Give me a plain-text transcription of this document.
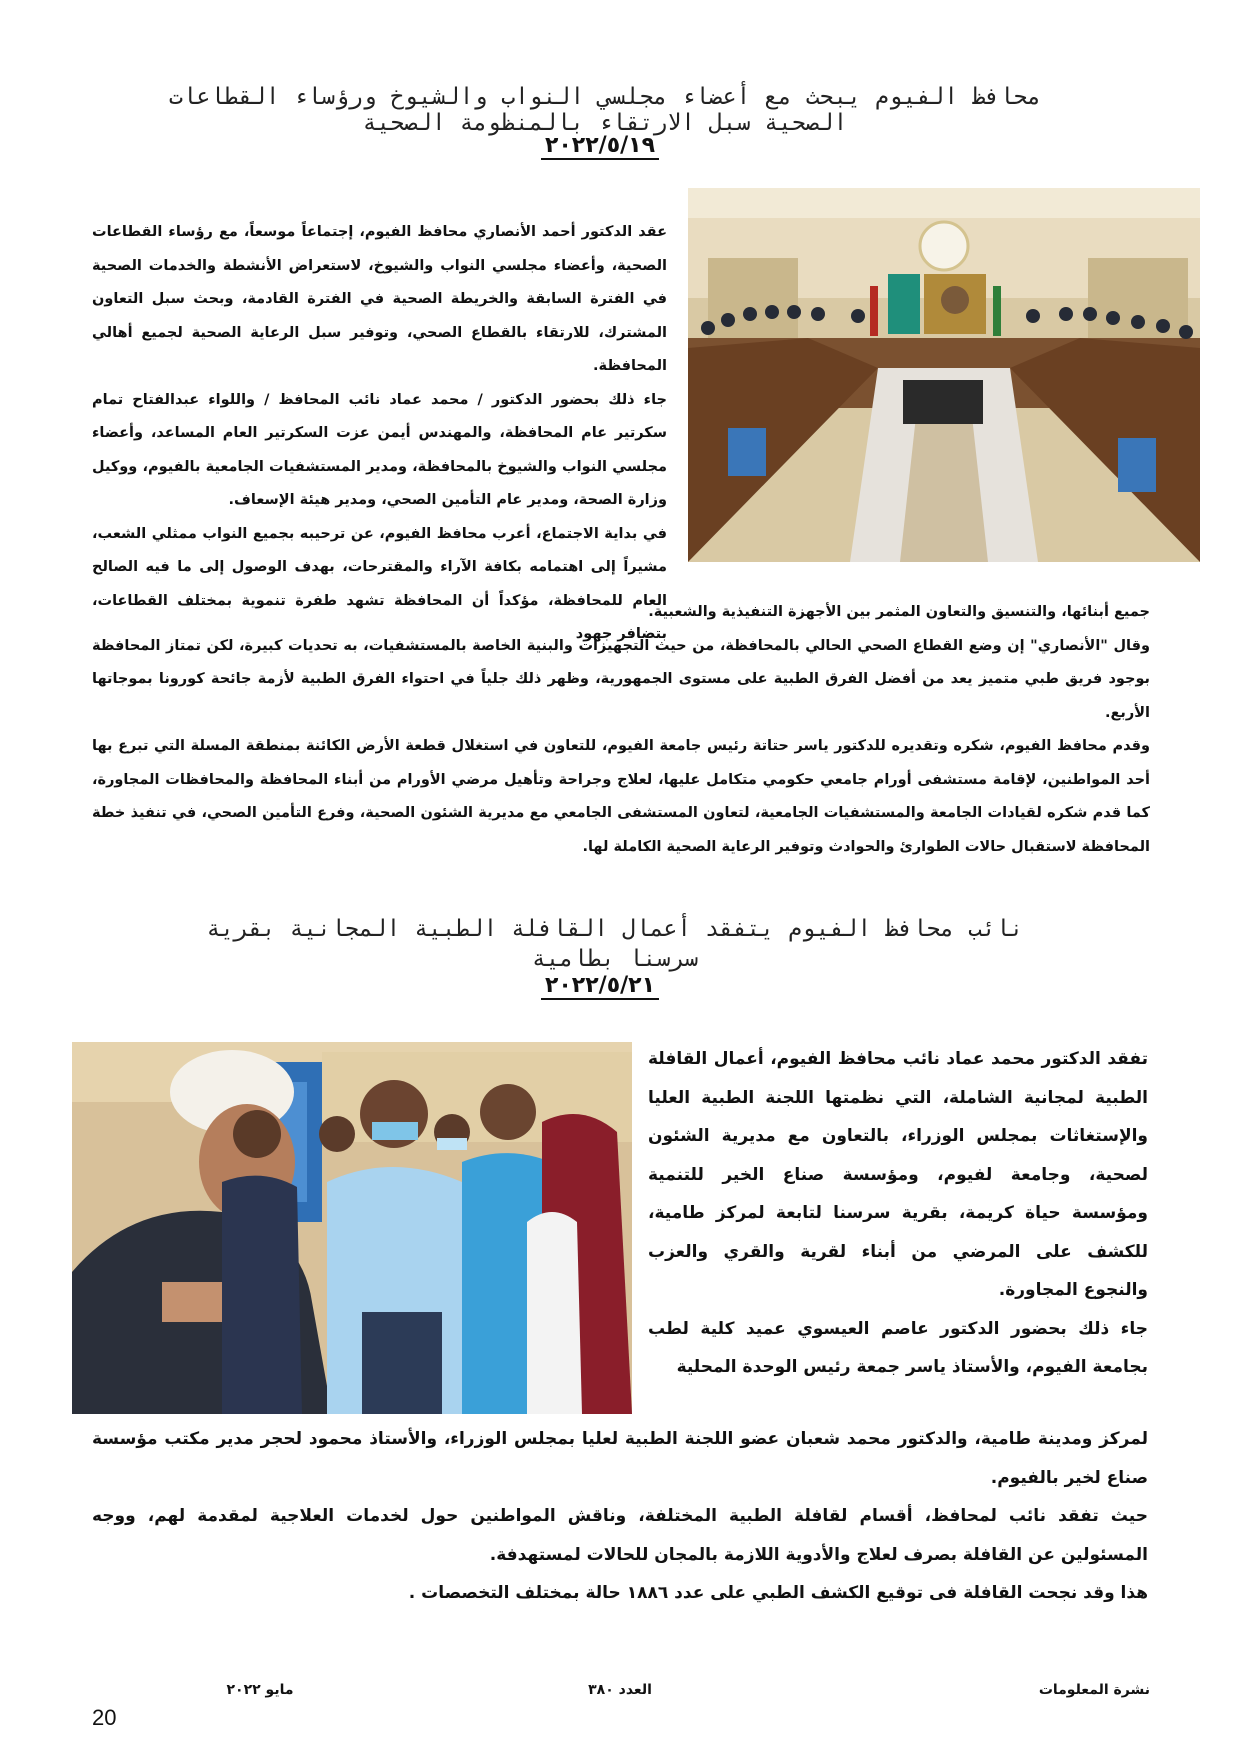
محافظ الفيوم يبحث مع أعضاء مجلسي النواب والشيوخ ورؤساء القطاعات
الصحية سبل الارتقاء بالمنظومة الصحية
٢٠٢٢/٥/١٩

عقد الدكتور أحمد الأنصاري محافظ الفيوم، إجتماعاً موسعاً، مع رؤساء القطاعات الصحية، وأعضاء مجلسي النواب والشيوخ، لاستعراض الأنشطة والخدمات الصحية في الفترة السابقة والخريطة الصحية في الفترة القادمة، وبحث سبل التعاون المشترك، للارتقاء بالقطاع الصحي، وتوفير سبل الرعاية الصحية لجميع أهالي المحافظة.

جاء ذلك بحضور الدكتور / محمد عماد نائب المحافظ / واللواء عبدالفتاح تمام سكرتير عام المحافظة، والمهندس أيمن عزت السكرتير العام المساعد، وأعضاء مجلسي النواب والشيوخ بالمحافظة، ومدير المستشفيات الجامعية بالفيوم، ووكيل وزارة الصحة، ومدير عام التأمين الصحي، ومدير هيئة الإسعاف.

في بداية الاجتماع، أعرب محافظ الفيوم، عن ترحيبه بجميع النواب ممثلي الشعب، مشيراً إلى اهتمامه بكافة الآراء والمقترحات، بهدف الوصول إلى ما فيه الصالح العام للمحافظة، مؤكداً أن المحافظة تشهد طفرة تنموية بمختلف القطاعات، بتضافر جهود

جميع أبنائها، والتنسيق والتعاون المثمر بين الأجهزة التنفيذية والشعبية.

وقال "الأنصاري" إن وضع القطاع الصحي الحالي بالمحافظة، من حيث التجهيزات والبنية الخاصة بالمستشفيات، به تحديات كبيرة، لكن تمتاز المحافظة بوجود فريق طبي متميز يعد من أفضل الفرق الطبية على مستوى الجمهورية، وظهر ذلك جلياً في احتواء الفرق الطبية لأزمة جائحة كورونا بموجاتها الأربع.

وقدم محافظ الفيوم، شكره وتقديره للدكتور ياسر حتاتة رئيس جامعة الفيوم، للتعاون في استغلال قطعة الأرض الكائنة بمنطقة المسلة التي تبرع بها أحد المواطنين، لإقامة مستشفى أورام جامعي حكومي متكامل عليها، لعلاج وجراحة وتأهيل مرضي الأورام من أبناء المحافظة والمحافظات المجاورة، كما قدم شكره لقيادات الجامعة والمستشفيات الجامعية، لتعاون المستشفى الجامعي مع مديرية الشئون الصحية، وفرع التأمين الصحي، في تنفيذ خطة المحافظة لاستقبال حالات الطوارئ والحوادث وتوفير الرعاية الصحية الكاملة لها.

نائب محافظ الفيوم يتفقد أعمال القافلة الطبية المجانية بقرية
سرسنا بطامية
٢٠٢٢/٥/٢١

تفقد الدكتور محمد عماد نائب محافظ الفيوم، أعمال القافلة الطبية لمجانية الشاملة، التي نظمتها اللجنة الطبية العليا والإستغاثات بمجلس الوزراء، بالتعاون مع مديرية الشئون لصحية، وجامعة لفيوم، ومؤسسة صناع الخير للتنمية ومؤسسة حياة كريمة، بقرية سرسنا لتابعة لمركز طامية، للكشف على المرضي من أبناء لقرية والقري والعزب والنجوع المجاورة.

جاء ذلك بحضور الدكتور عاصم العيسوي عميد كلية لطب بجامعة الفيوم، والأستاذ ياسر جمعة رئيس الوحدة المحلية

لمركز ومدينة طامية، والدكتور محمد شعبان عضو اللجنة الطبية لعليا بمجلس الوزراء، والأستاذ محمود لحجر مدير مكتب مؤسسة صناع لخير بالفيوم.

حيث تفقد نائب لمحافظ، أقسام لقافلة الطبية المختلفة، وناقش المواطنين حول لخدمات العلاجية لمقدمة لهم، ووجه المسئولين عن القافلة بصرف لعلاج والأدوية اللازمة بالمجان للحالات لمستهدفة.

هذا وقد نجحت القافلة فى توقيع الكشف الطبي على عدد ١٨٨٦ حالة بمختلف التخصصات .

نشرة المعلومات
العدد ٣٨٠
مايو ٢٠٢٢
20
